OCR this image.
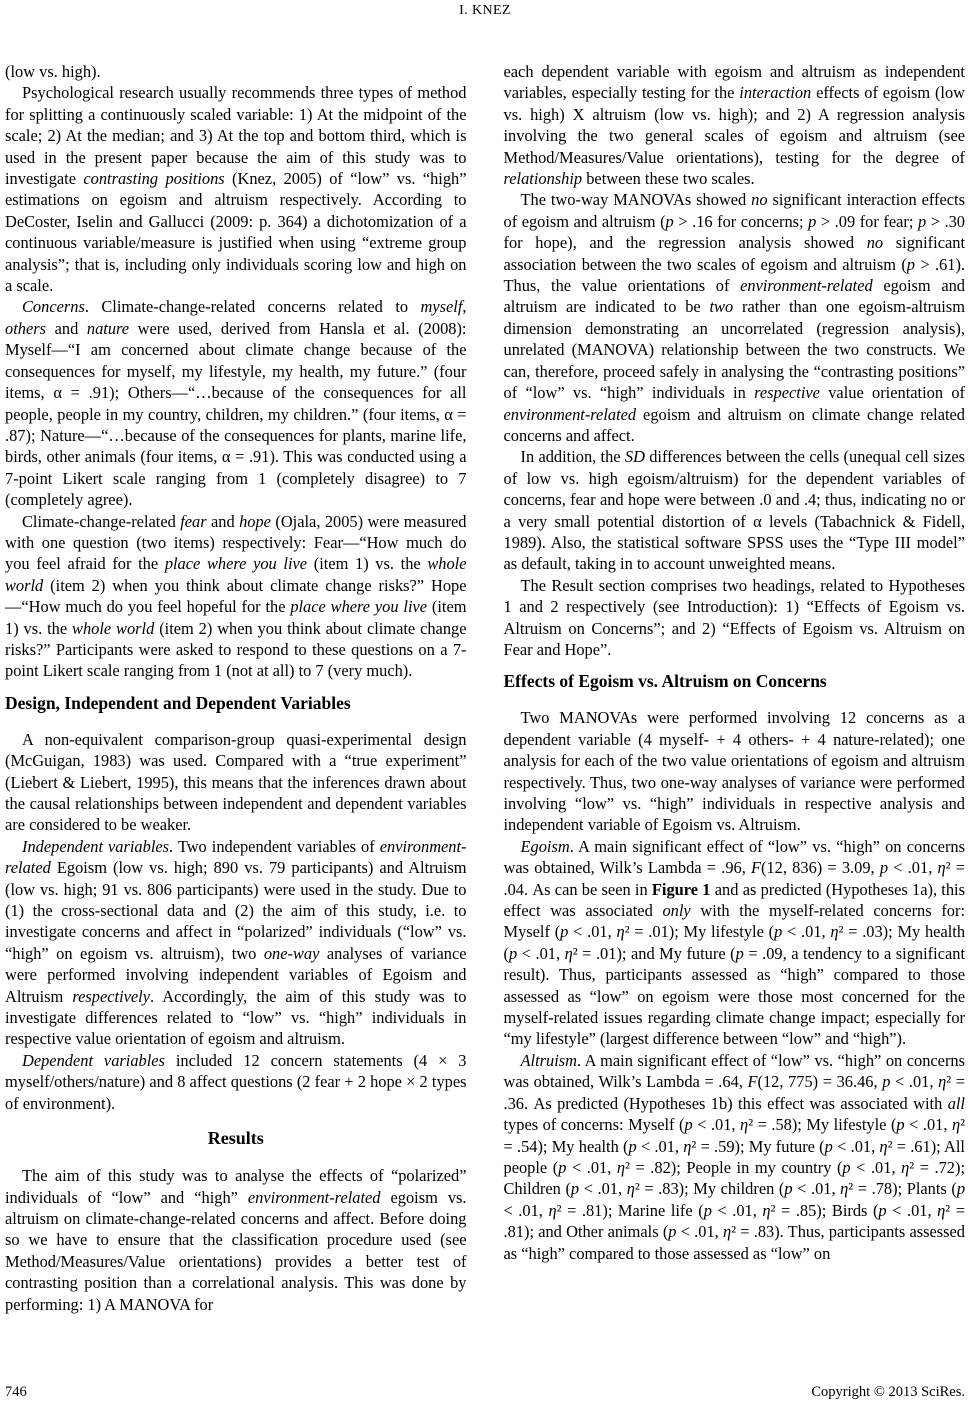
I. KNEZ

(low vs. high).

Psychological research usually recommends three types of method for splitting a continuously scaled variable: 1) At the midpoint of the scale; 2) At the median; and 3) At the top and bottom third, which is used in the present paper because the aim of this study was to investigate contrasting positions (Knez, 2005) of “low” vs. “high” estimations on egoism and altruism respectively. According to DeCoster, Iselin and Gallucci (2009: p. 364) a dichotomization of a continuous variable/measure is justified when using “extreme group analysis”; that is, including only individuals scoring low and high on a scale.

Concerns. Climate-change-related concerns related to myself, others and nature were used, derived from Hansla et al. (2008): Myself—“I am concerned about climate change because of the consequences for myself, my lifestyle, my health, my future.” (four items, α = .91); Others—“…because of the consequences for all people, people in my country, children, my children.” (four items, α = .87); Nature—“…because of the consequences for plants, marine life, birds, other animals (four items, α = .91). This was conducted using a 7-point Likert scale ranging from 1 (completely disagree) to 7 (completely agree).

Climate-change-related fear and hope (Ojala, 2005) were measured with one question (two items) respectively: Fear—“How much do you feel afraid for the place where you live (item 1) vs. the whole world (item 2) when you think about climate change risks?” Hope—“How much do you feel hopeful for the place where you live (item 1) vs. the whole world (item 2) when you think about climate change risks?” Participants were asked to respond to these questions on a 7-point Likert scale ranging from 1 (not at all) to 7 (very much).

Design, Independent and Dependent Variables

A non-equivalent comparison-group quasi-experimental design (McGuigan, 1983) was used. Compared with a “true experiment” (Liebert & Liebert, 1995), this means that the inferences drawn about the causal relationships between independent and dependent variables are considered to be weaker.

Independent variables. Two independent variables of environment-related Egoism (low vs. high; 890 vs. 79 participants) and Altruism (low vs. high; 91 vs. 806 participants) were used in the study. Due to (1) the cross-sectional data and (2) the aim of this study, i.e. to investigate concerns and affect in “polarized” individuals (“low” vs. “high” on egoism vs. altruism), two one-way analyses of variance were performed involving independent variables of Egoism and Altruism respectively. Accordingly, the aim of this study was to investigate differences related to “low” vs. “high” individuals in respective value orientation of egoism and altruism.

Dependent variables included 12 concern statements (4 × 3 myself/others/nature) and 8 affect questions (2 fear + 2 hope × 2 types of environment).

Results

The aim of this study was to analyse the effects of “polarized” individuals of “low” and “high” environment-related egoism vs. altruism on climate-change-related concerns and affect. Before doing so we have to ensure that the classification procedure used (see Method/Measures/Value orientations) provides a better test of contrasting position than a correlational analysis. This was done by performing: 1) A MANOVA for

each dependent variable with egoism and altruism as independent variables, especially testing for the interaction effects of egoism (low vs. high) X altruism (low vs. high); and 2) A regression analysis involving the two general scales of egoism and altruism (see Method/Measures/Value orientations), testing for the degree of relationship between these two scales.

The two-way MANOVAs showed no significant interaction effects of egoism and altruism (p > .16 for concerns; p > .09 for fear; p > .30 for hope), and the regression analysis showed no significant association between the two scales of egoism and altruism (p > .61). Thus, the value orientations of environment-related egoism and altruism are indicated to be two rather than one egoism-altruism dimension demonstrating an uncorrelated (regression analysis), unrelated (MANOVA) relationship between the two constructs. We can, therefore, proceed safely in analysing the “contrasting positions” of “low” vs. “high” individuals in respective value orientation of environment-related egoism and altruism on climate change related concerns and affect.

In addition, the SD differences between the cells (unequal cell sizes of low vs. high egoism/altruism) for the dependent variables of concerns, fear and hope were between .0 and .4; thus, indicating no or a very small potential distortion of α levels (Tabachnick & Fidell, 1989). Also, the statistical software SPSS uses the “Type III model” as default, taking in to account unweighted means.

The Result section comprises two headings, related to Hypotheses 1 and 2 respectively (see Introduction): 1) “Effects of Egoism vs. Altruism on Concerns”; and 2) “Effects of Egoism vs. Altruism on Fear and Hope”.

Effects of Egoism vs. Altruism on Concerns

Two MANOVAs were performed involving 12 concerns as a dependent variable (4 myself- + 4 others- + 4 nature-related); one analysis for each of the two value orientations of egoism and altruism respectively. Thus, two one-way analyses of variance were performed involving “low” vs. “high” individuals in respective analysis and independent variable of Egoism vs. Altruism.

Egoism. A main significant effect of “low” vs. “high” on concerns was obtained, Wilk’s Lambda = .96, F(12, 836) = 3.09, p < .01, η² = .04. As can be seen in Figure 1 and as predicted (Hypotheses 1a), this effect was associated only with the myself-related concerns for: Myself (p < .01, η² = .01); My lifestyle (p < .01, η² = .03); My health (p < .01, η² = .01); and My future (p = .09, a tendency to a significant result). Thus, participants assessed as “high” compared to those assessed as “low” on egoism were those most concerned for the myself-related issues regarding climate change impact; especially for “my lifestyle” (largest difference between “low” and “high”).

Altruism. A main significant effect of “low” vs. “high” on concerns was obtained, Wilk’s Lambda = .64, F(12, 775) = 36.46, p < .01, η² = .36. As predicted (Hypotheses 1b) this effect was associated with all types of concerns: Myself (p < .01, η² = .58); My lifestyle (p < .01, η² = .54); My health (p < .01, η² = .59); My future (p < .01, η² = .61); All people (p < .01, η² = .82); People in my country (p < .01, η² = .72); Children (p < .01, η² = .83); My children (p < .01, η² = .78); Plants (p < .01, η² = .81); Marine life (p < .01, η² = .85); Birds (p < .01, η² = .81); and Other animals (p < .01, η² = .83). Thus, participants assessed as “high” compared to those assessed as “low” on

746	Copyright © 2013 SciRes.
